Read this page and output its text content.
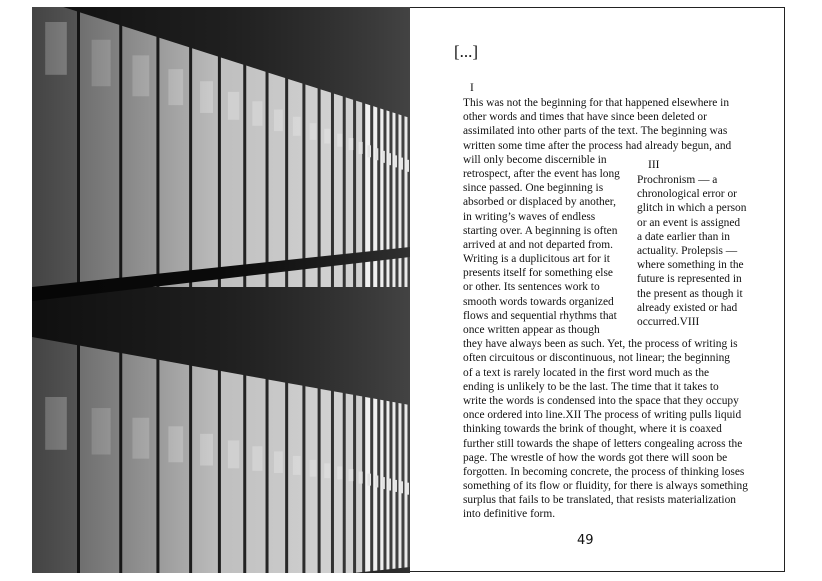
[...]
I
This was not the beginning for that happened elsewhere in
other words and times that have since been deleted or
assimilated into other parts of the text. The beginning was
written some time after the process had already begun, and
will only become discernible in
retrospect, after the event has long
since passed. One beginning is
absorbed or displaced by another,
in writing’s waves of endless
starting over. A beginning is often
arrived at and not departed from.
Writing is a duplicitous art for it
presents itself for something else
or other. Its sentences work to
smooth words towards organized
flows and sequential rhythms that
once written appear as though
they have always been as such. Yet, the process of writing is
often circuitous or discontinuous, not linear; the beginning
of a text is rarely located in the first word much as the
ending is unlikely to be the last. The time that it takes to
write the words is condensed into the space that they occupy
once ordered into line.XII The process of writing pulls liquid
thinking towards the brink of thought, where it is coaxed
further still towards the shape of letters congealing across the
page. The wrestle of how the words got there will soon be
forgotten. In becoming concrete, the process of thinking loses
something of its flow or fluidity, for there is always something
surplus that fails to be translated, that resists materialization
into definitive form.
III
Prochronism — a
chronological error or
glitch in which a person
or an event is assigned
a date earlier than in
actuality. Prolepsis —
where something in the
future is represented in
the present as though it
already existed or had
occurred.VIII
49
